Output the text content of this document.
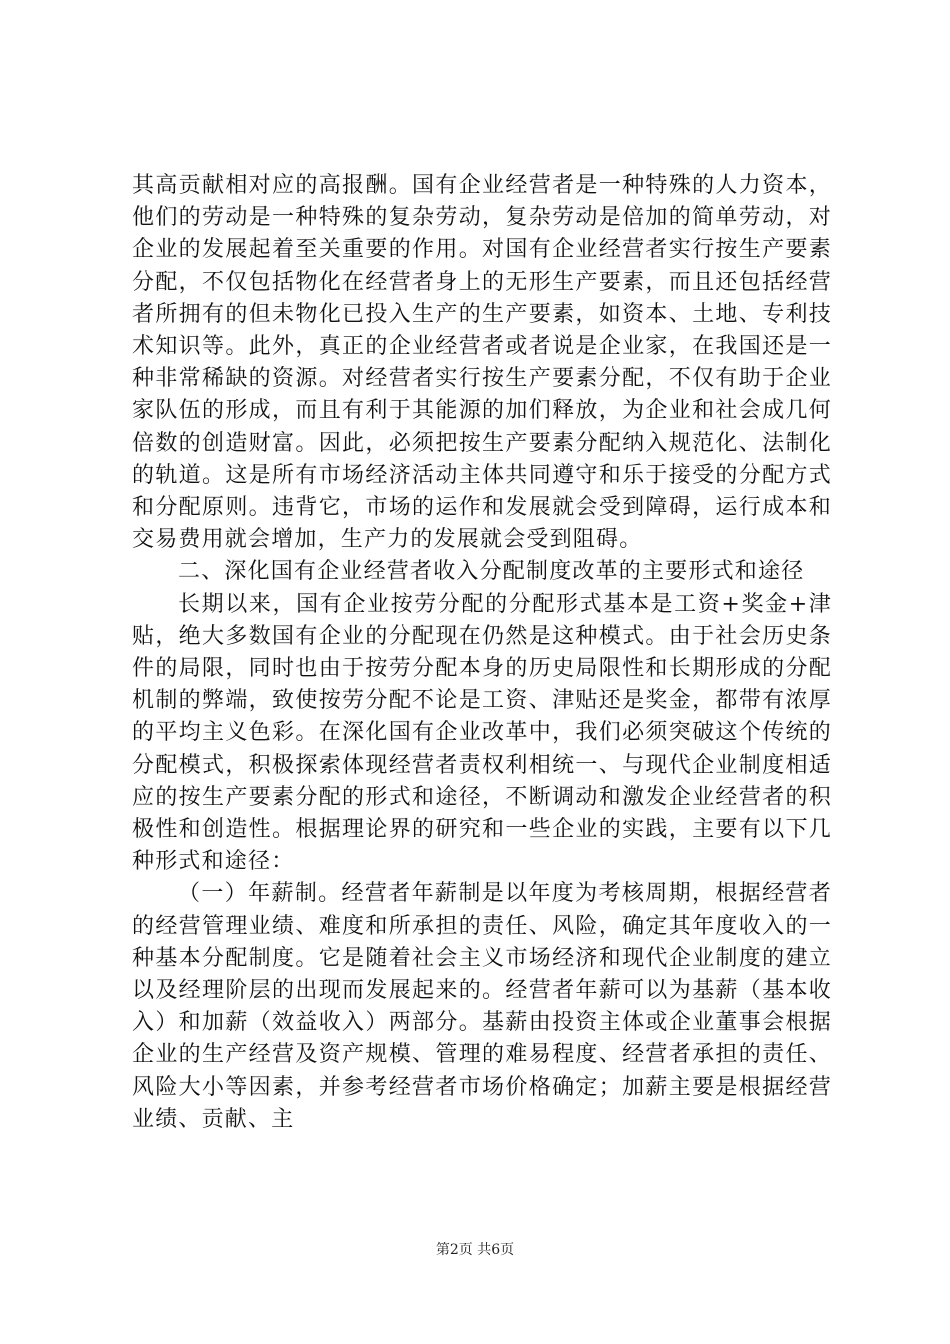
其高贡献相对应的高报酬。国有企业经营者是一种特殊的人力资本，他们的劳动是一种特殊的复杂劳动，复杂劳动是倍加的简单劳动，对企业的发展起着至关重要的作用。对国有企业经营者实行按生产要素分配，不仅包括物化在经营者身上的无形生产要素，而且还包括经营者所拥有的但未物化已投入生产的生产要素，如资本、土地、专利技术知识等。此外，真正的企业经营者或者说是企业家，在我国还是一种非常稀缺的资源。对经营者实行按生产要素分配，不仅有助于企业家队伍的形成，而且有利于其能源的加们释放，为企业和社会成几何倍数的创造财富。因此，必须把按生产要素分配纳入规范化、法制化的轨道。这是所有市场经济活动主体共同遵守和乐于接受的分配方式和分配原则。违背它，市场的运作和发展就会受到障碍，运行成本和交易费用就会增加，生产力的发展就会受到阻碍。

二、深化国有企业经营者收入分配制度改革的主要形式和途径

长期以来，国有企业按劳分配的分配形式基本是工资+奖金+津贴，绝大多数国有企业的分配现在仍然是这种模式。由于社会历史条件的局限，同时也由于按劳分配本身的历史局限性和长期形成的分配机制的弊端，致使按劳分配不论是工资、津贴还是奖金，都带有浓厚的平均主义色彩。在深化国有企业改革中，我们必须突破这个传统的分配模式，积极探索体现经营者责权利相统一、与现代企业制度相适应的按生产要素分配的形式和途径，不断调动和激发企业经营者的积极性和创造性。根据理论界的研究和一些企业的实践，主要有以下几种形式和途径：

（一）年薪制。经营者年薪制是以年度为考核周期，根据经营者的经营管理业绩、难度和所承担的责任、风险，确定其年度收入的一种基本分配制度。它是随着社会主义市场经济和现代企业制度的建立以及经理阶层的出现而发展起来的。经营者年薪可以为基薪（基本收入）和加薪（效益收入）两部分。基薪由投资主体或企业董事会根据企业的生产经营及资产规模、管理的难易程度、经营者承担的责任、风险大小等因素，并参考经营者市场价格确定；加薪主要是根据经营业绩、贡献、主

第2页 共6页
